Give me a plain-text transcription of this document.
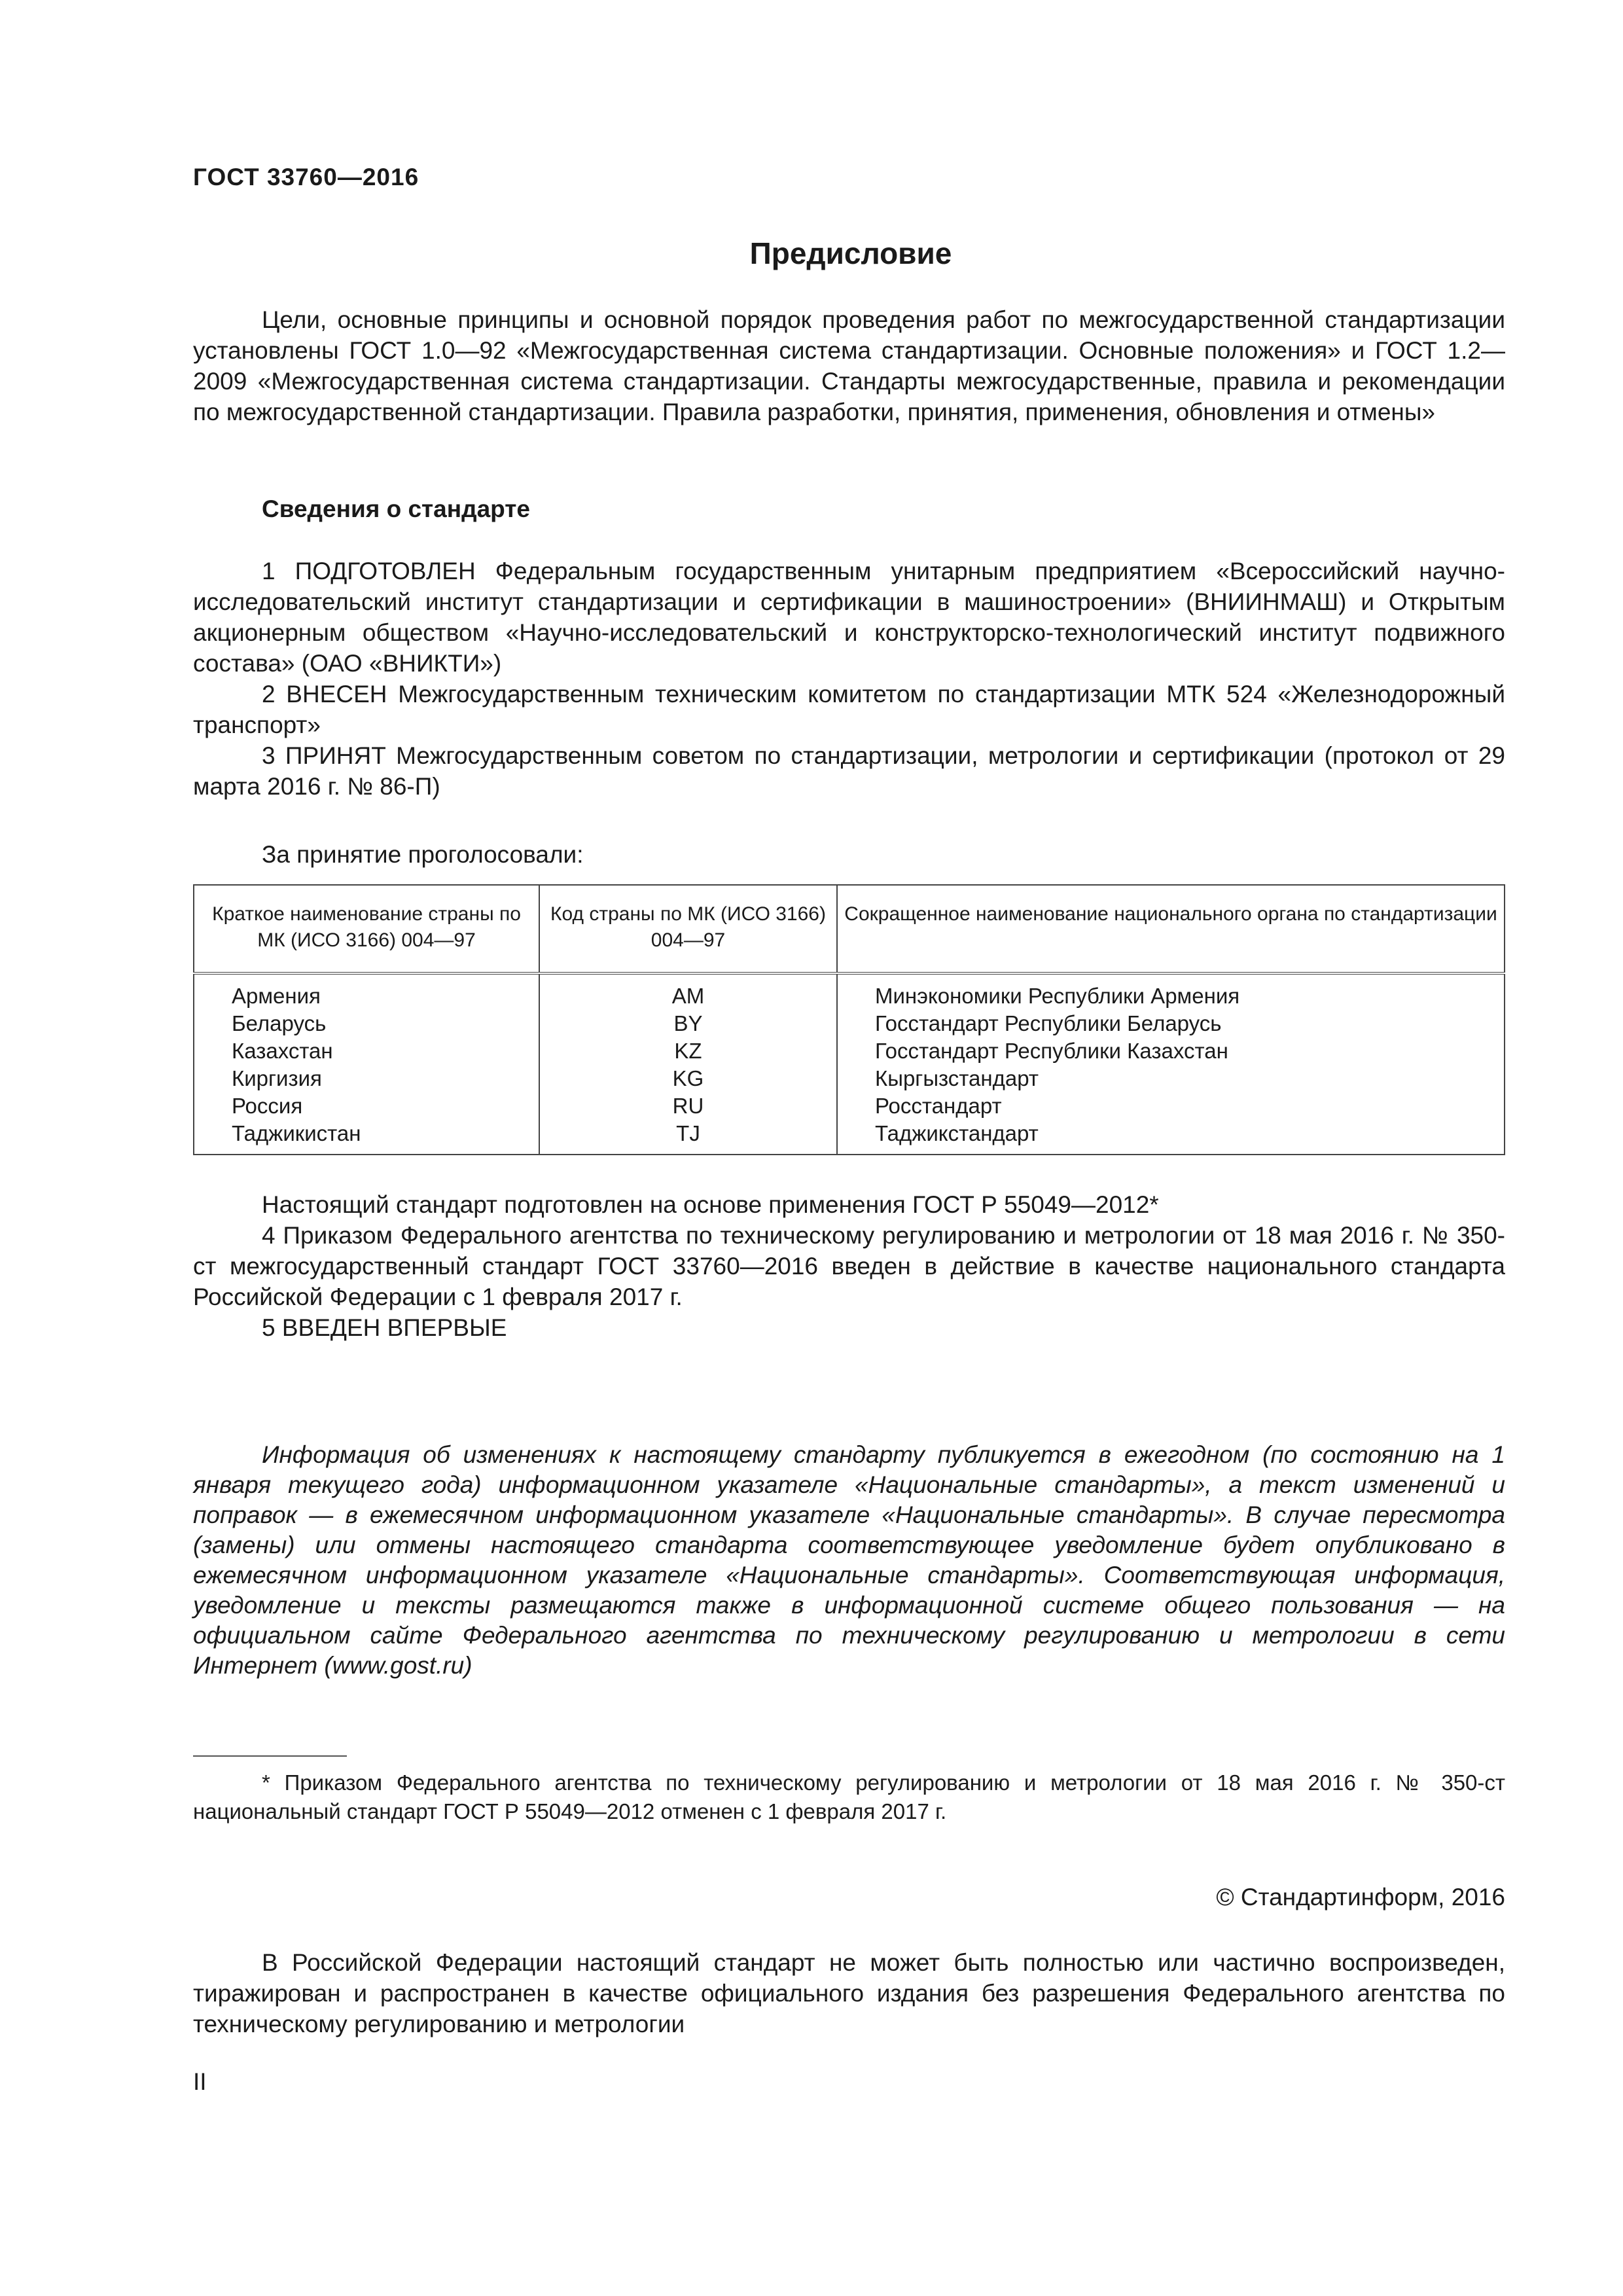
ГОСТ 33760—2016
Предисловие

Цели, основные принципы и основной порядок проведения работ по межгосударственной стандартизации установлены ГОСТ 1.0—92 «Межгосударственная система стандартизации. Основные положения» и ГОСТ 1.2—2009 «Межгосударственная система стандартизации. Стандарты межгосударственные, правила и рекомендации по межгосударственной стандартизации. Правила разработки, принятия, применения, обновления и отмены»

Сведения о стандарте

1 ПОДГОТОВЛЕН Федеральным государственным унитарным предприятием «Всероссийский научно-исследовательский институт стандартизации и сертификации в машиностроении» (ВНИИНМАШ) и Открытым акционерным обществом «Научно-исследовательский и конструкторско-технологический институт подвижного состава» (ОАО «ВНИКТИ»)

2 ВНЕСЕН Межгосударственным техническим комитетом по стандартизации МТК 524 «Железнодорожный транспорт»

3 ПРИНЯТ Межгосударственным советом по стандартизации, метрологии и сертификации (протокол от 29 марта 2016 г. № 86-П)

За принятие проголосовали:
Краткое наименование страны по МК (ИСО 3166) 004—97	Код страны по МК (ИСО 3166) 004—97	Сокращенное наименование национального органа по стандартизации
Армения	AM	Минэкономики Республики Армения
Беларусь	BY	Госстандарт Республики Беларусь
Казахстан	KZ	Госстандарт Республики Казахстан
Киргизия	KG	Кыргызстандарт
Россия	RU	Росстандарт
Таджикистан	TJ	Таджикстандарт

Настоящий стандарт подготовлен на основе применения ГОСТ Р 55049—2012*

4 Приказом Федерального агентства по техническому регулированию и метрологии от 18 мая 2016 г. № 350-ст межгосударственный стандарт ГОСТ 33760—2016 введен в действие в качестве национального стандарта Российской Федерации с 1 февраля 2017 г.

5 ВВЕДЕН ВПЕРВЫЕ

Информация об изменениях к настоящему стандарту публикуется в ежегодном (по состоянию на 1 января текущего года) информационном указателе «Национальные стандарты», а текст изменений и поправок — в ежемесячном информационном указателе «Национальные стандарты». В случае пересмотра (замены) или отмены настоящего стандарта соответствующее уведомление будет опубликовано в ежемесячном информационном указателе «Национальные стандарты». Соответствующая информация, уведомление и тексты размещаются также в информационной системе общего пользования — на официальном сайте Федерального агентства по техническому регулированию и метрологии в сети Интернет (www.gost.ru)

* Приказом Федерального агентства по техническому регулированию и метрологии от 18 мая 2016 г. № 350-ст национальный стандарт ГОСТ Р 55049—2012 отменен с 1 февраля 2017 г.

© Стандартинформ, 2016

В Российской Федерации настоящий стандарт не может быть полностью или частично воспроизведен, тиражирован и распространен в качестве официального издания без разрешения Федерального агентства по техническому регулированию и метрологии

II
